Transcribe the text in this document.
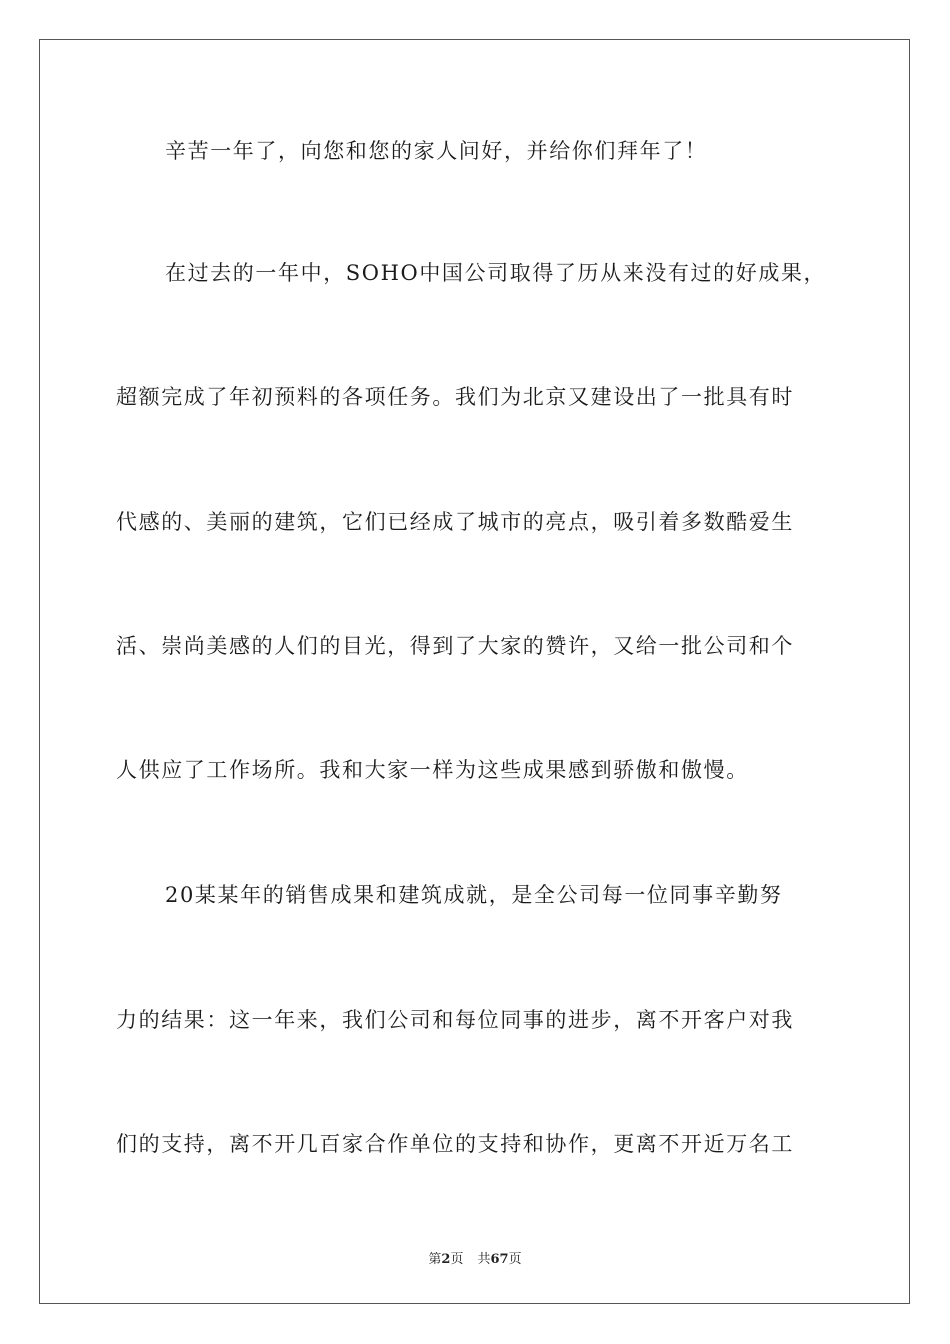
辛苦一年了，向您和您的家人问好，并给你们拜年了！
在过去的一年中，SOHO中国公司取得了历从来没有过的好成果，
超额完成了年初预料的各项任务。我们为北京又建设出了一批具有时
代感的、美丽的建筑，它们已经成了城市的亮点，吸引着多数酷爱生
活、崇尚美感的人们的目光，得到了大家的赞许，又给一批公司和个
人供应了工作场所。我和大家一样为这些成果感到骄傲和傲慢。
20某某年的销售成果和建筑成就，是全公司每一位同事辛勤努
力的结果：这一年来，我们公司和每位同事的进步，离不开客户对我
们的支持，离不开几百家合作单位的支持和协作，更离不开近万名工
第2页 共67页
